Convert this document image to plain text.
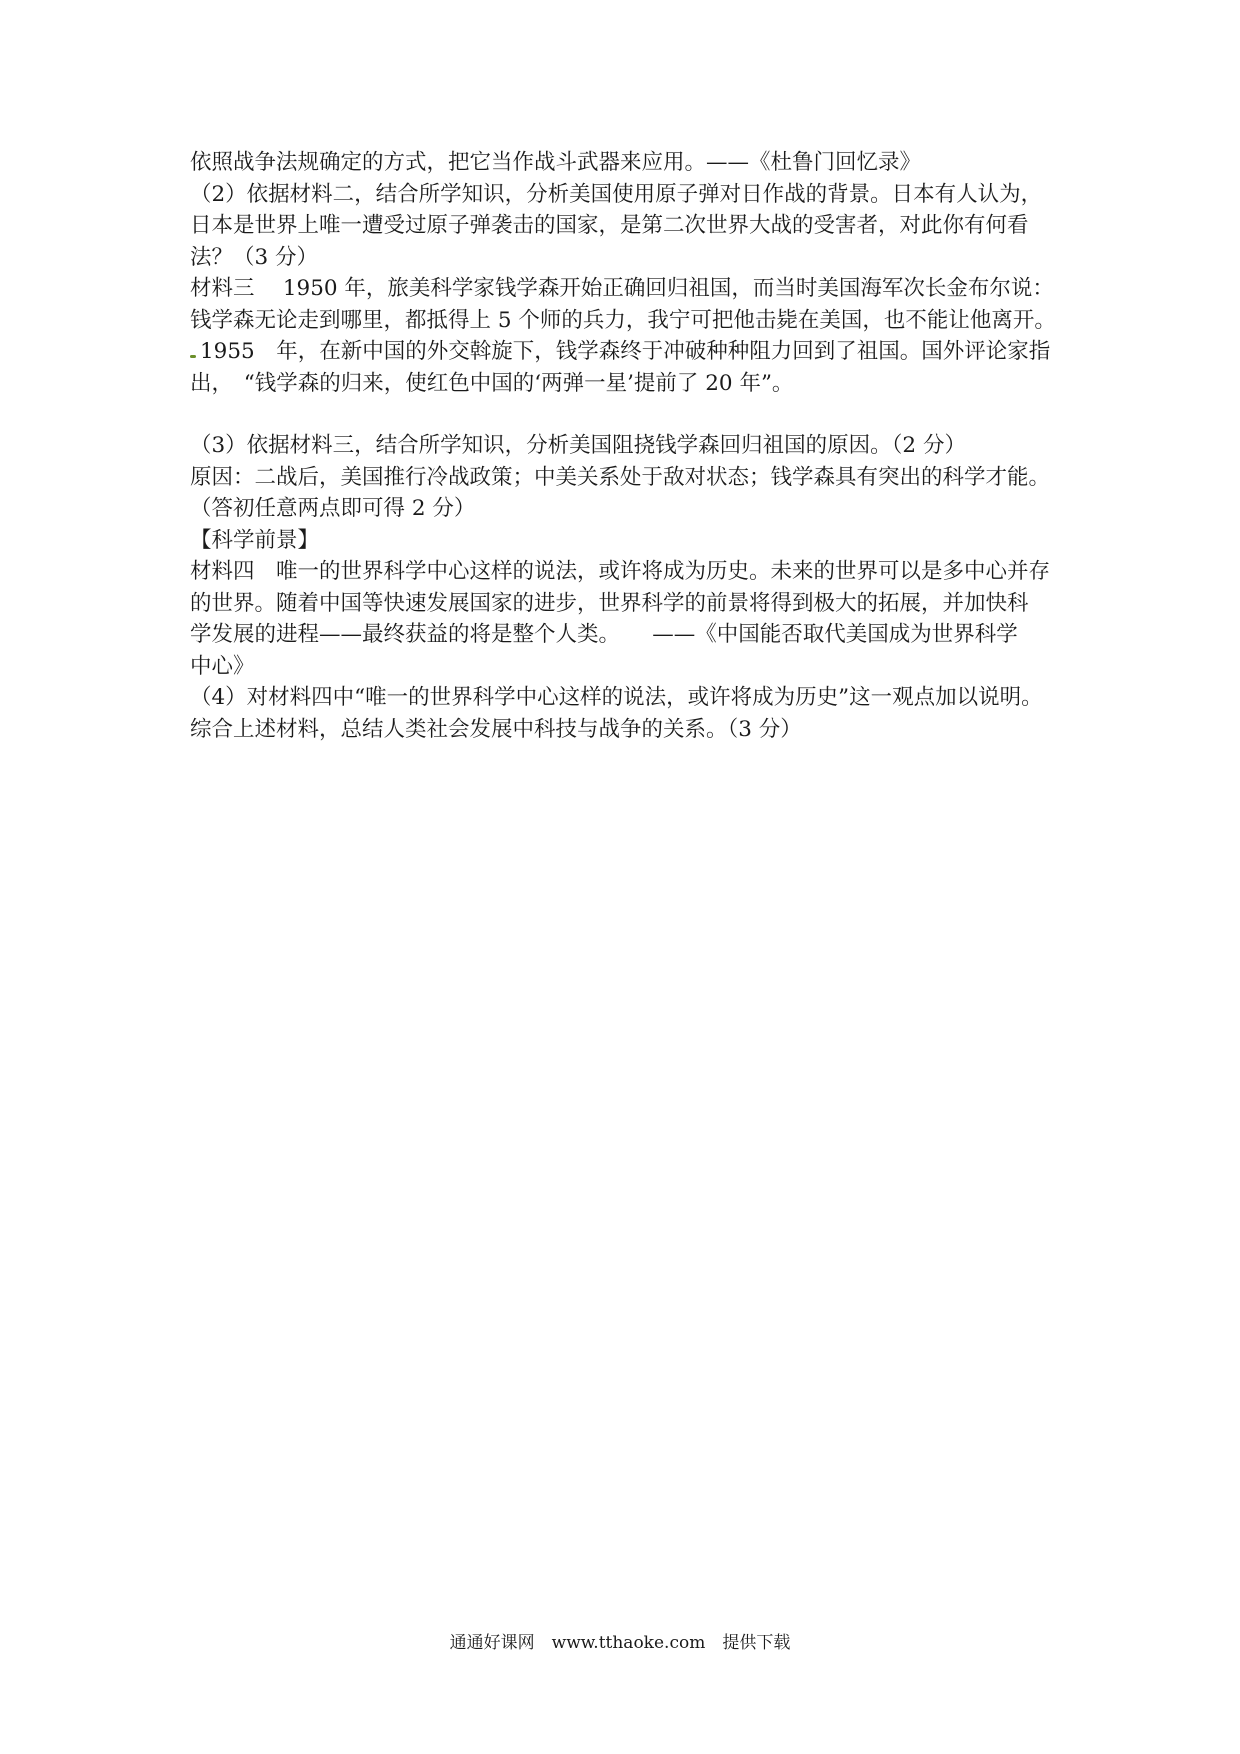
依照战争法规确定的方式，把它当作战斗武器来应用。——《杜鲁门回忆录》
（2）依据材料二，结合所学知识，分析美国使用原子弹对日作战的背景。日本有人认为，
日本是世界上唯一遭受过原子弹袭击的国家，是第二次世界大战的受害者，对此你有何看
法？（3 分）
材料三　 1950 年，旅美科学家钱学森开始正确回归祖国，而当时美国海军次长金布尔说：
钱学森无论走到哪里，都抵得上 5 个师的兵力，我宁可把他击毙在美国，也不能让他离开。
1955　年，在新中国的外交斡旋下，钱学森终于冲破种种阻力回到了祖国。国外评论家指
出，　“钱学森的归来，使红色中国的‘两弹一星’提前了 20 年”。
（3）依据材料三，结合所学知识，分析美国阻挠钱学森回归祖国的原因。（2 分）
原因：二战后，美国推行冷战政策；中美关系处于敌对状态；钱学森具有突出的科学才能。
（答初任意两点即可得 2 分）
【科学前景】
材料四　唯一的世界科学中心这样的说法，或许将成为历史。未来的世界可以是多中心并存
的世界。随着中国等快速发展国家的进步，世界科学的前景将得到极大的拓展，并加快科
学发展的进程——最终获益的将是整个人类。　　——《中国能否取代美国成为世界科学
中心》
（4）对材料四中“唯一的世界科学中心这样的说法，或许将成为历史”这一观点加以说明。
综合上述材料，总结人类社会发展中科技与战争的关系。（3 分）
通通好课网　www.tthaoke.com　提供下载
